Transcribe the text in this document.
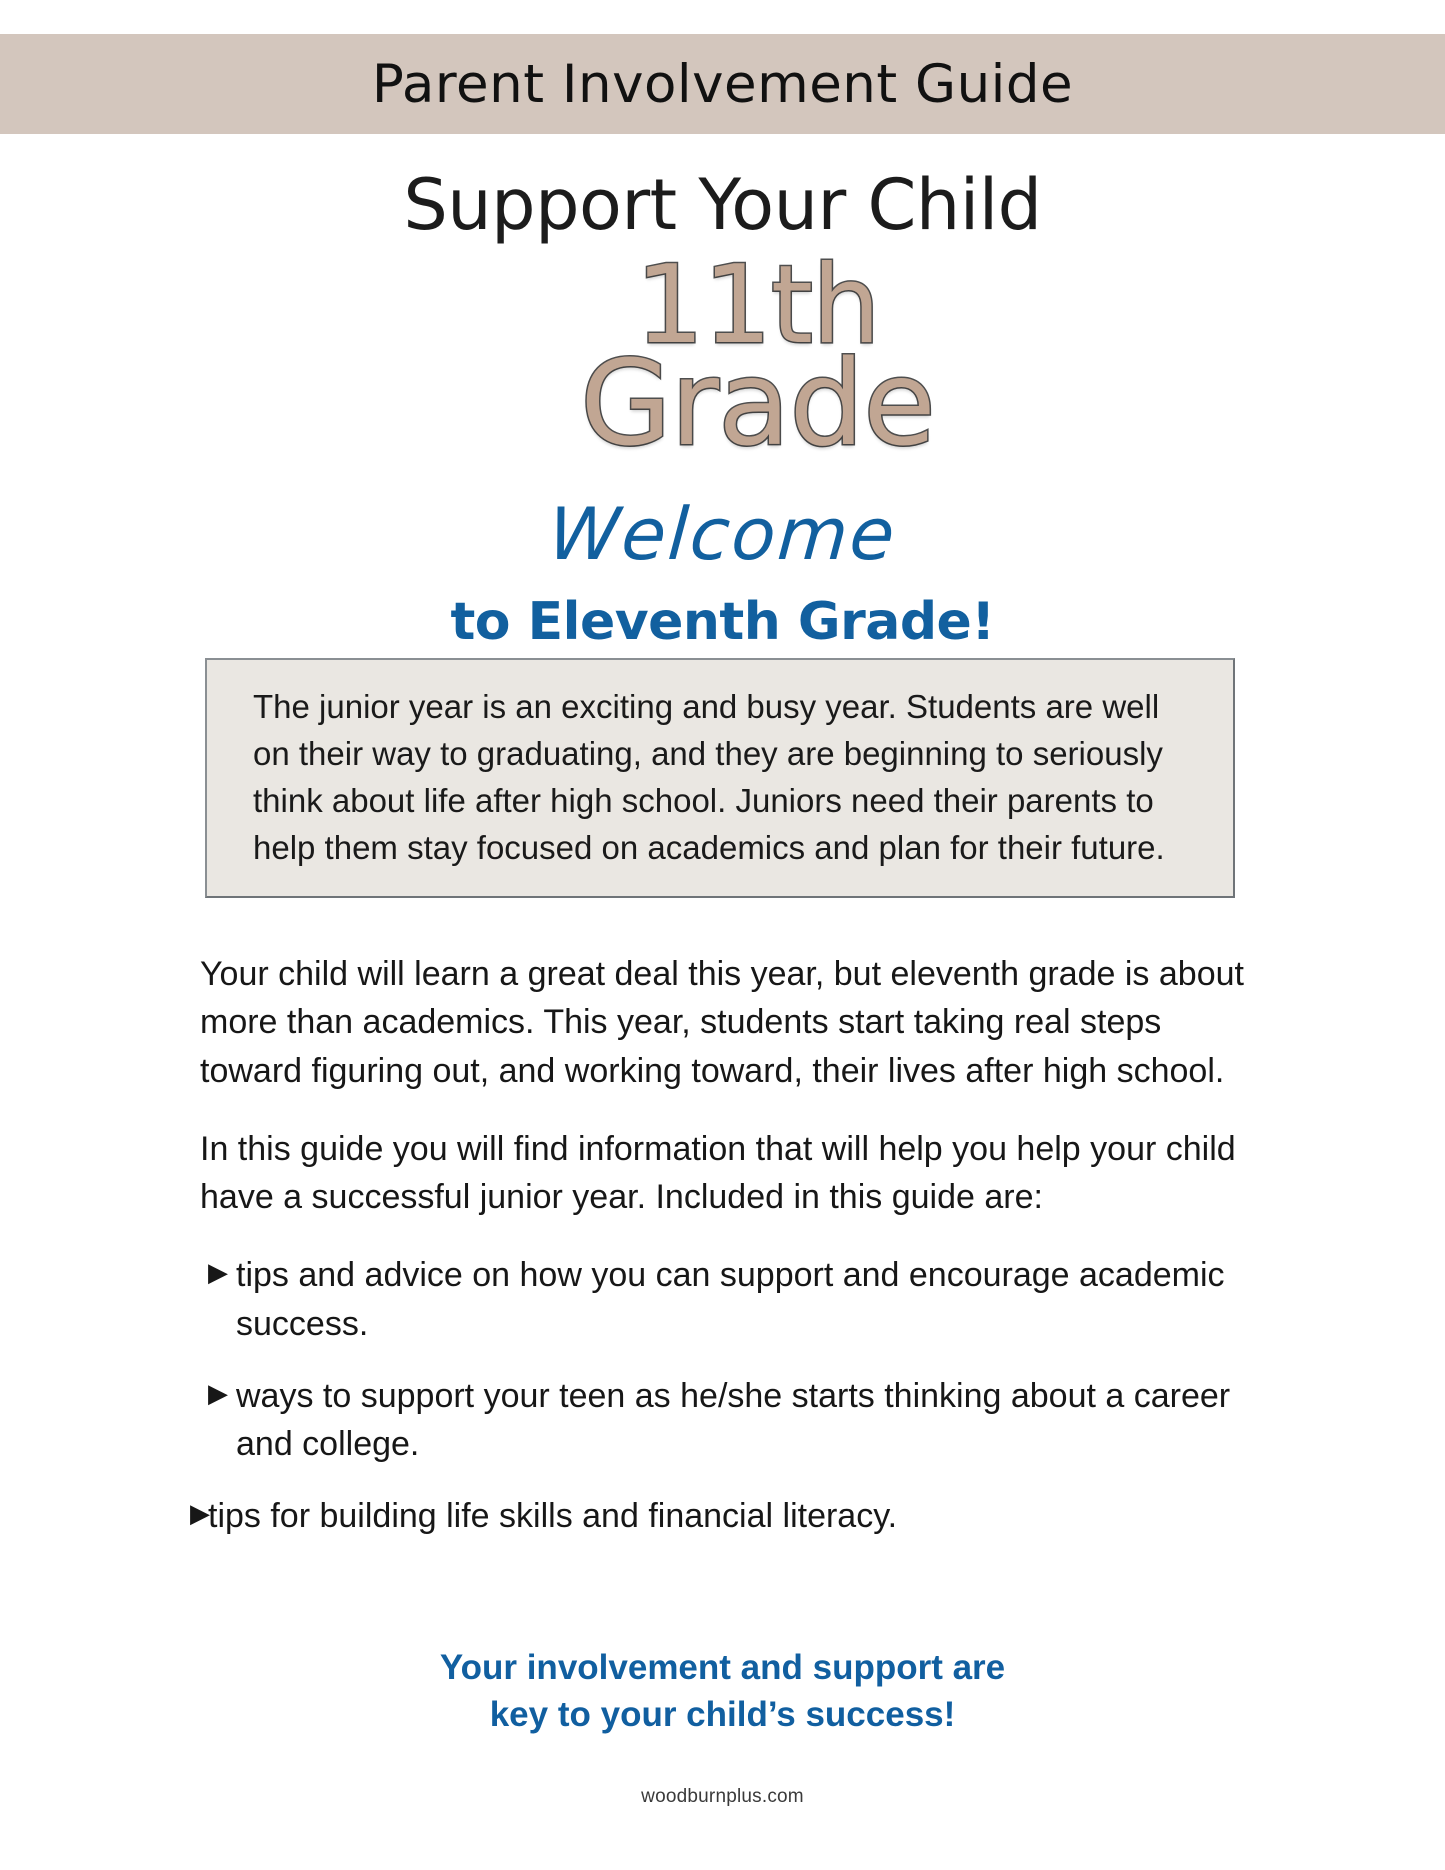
Parent Involvement Guide
Support Your Child
11th
Grade
Welcome
to Eleventh Grade!
The junior year is an exciting and busy year. Students are well on their way to graduating, and they are beginning to seriously think about life after high school. Juniors need their parents to help them stay focused on academics and plan for their future.

Your child will learn a great deal this year, but eleventh grade is about more than academics. This year, students start taking real steps toward figuring out, and working toward, their lives after high school.

In this guide you will find information that will help you help your child have a successful junior year. Included in this guide are:

▶ tips and advice on how you can support and encourage academic success.
▶ ways to support your teen as he/she starts thinking about a career and college.
▶
tips for building life skills and financial literacy.
Your involvement and support are
key to your child’s success!
woodburnplus.com
